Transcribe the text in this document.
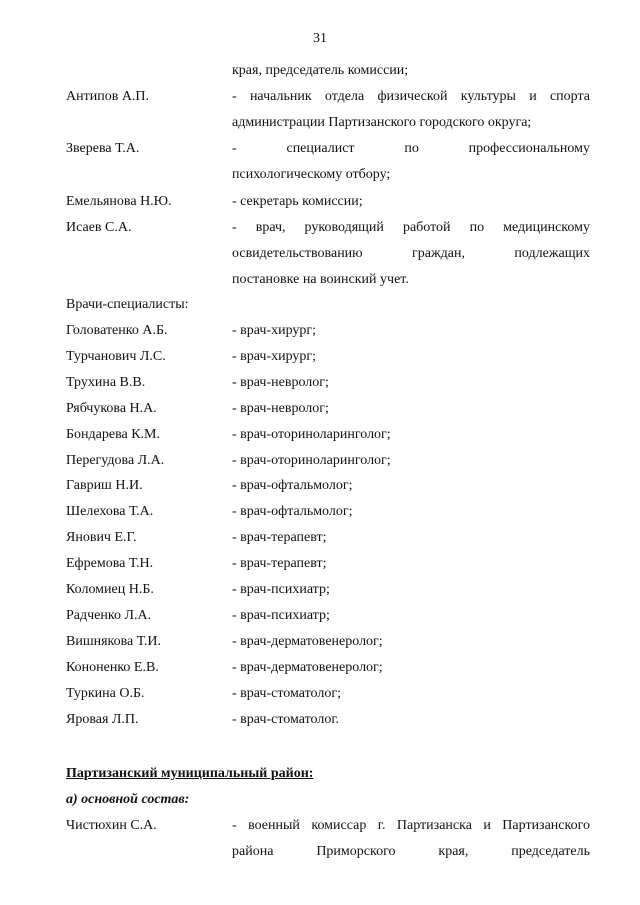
31
края, председатель комиссии;
Антипов А.П.	- начальник отдела физической культуры и спорта
администрации Партизанского городского округа;
Зверева Т.А.	- специалист по профессиональному
психологическому отбору;
Емельянова Н.Ю.	- секретарь комиссии;
Исаев С.А.	- врач, руководящий работой по медицинскому
освидетельствованию граждан, подлежащих
постановке на воинский учет.
Врачи-специалисты:
Головатенко А.Б.	- врач-хирург;
Турчанович Л.С.	- врач-хирург;
Трухина В.В.	- врач-невролог;
Рябчукова Н.А.	- врач-невролог;
Бондарева К.М.	- врач-оториноларинголог;
Перегудова Л.А.	- врач-оториноларинголог;
Гавриш Н.И.	- врач-офтальмолог;
Шелехова Т.А.	- врач-офтальмолог;
Янович Е.Г.	- врач-терапевт;
Ефремова Т.Н.	- врач-терапевт;
Коломиец Н.Б.	- врач-психиатр;
Радченко Л.А.	- врач-психиатр;
Вишнякова Т.И.	- врач-дерматовенеролог;
Кононенко Е.В.	- врач-дерматовенеролог;
Туркина О.Б.	- врач-стоматолог;
Яровая Л.П.	- врач-стоматолог.
Партизанский муниципальный район:
а) основной состав:
Чистюхин С.А.	- военный комиссар г. Партизанска и Партизанского
района Приморского края, председатель
